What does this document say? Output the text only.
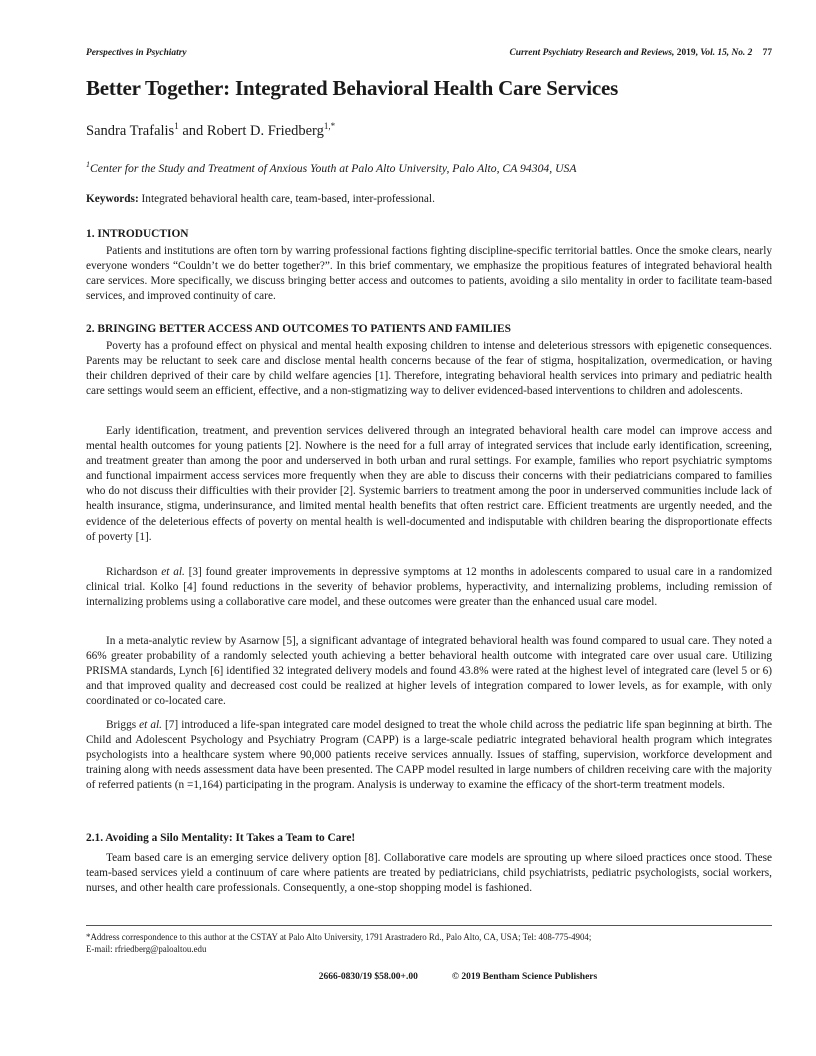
Perspectives in Psychiatry	Current Psychiatry Research and Reviews, 2019, Vol. 15, No. 2 77
Better Together: Integrated Behavioral Health Care Services
Sandra Trafalis$^1$ and Robert D. Friedberg$^{1,*}$
$^1$Center for the Study and Treatment of Anxious Youth at Palo Alto University, Palo Alto, CA 94304, USA
Keywords: Integrated behavioral health care, team-based, inter-professional.
1. INTRODUCTION
Patients and institutions are often torn by warring professional factions fighting discipline-specific territorial battles. Once the smoke clears, nearly everyone wonders “Couldn’t we do better together?”. In this brief commentary, we emphasize the propitious features of integrated behavioral health care services. More specifically, we discuss bringing better access and outcomes to patients, avoiding a silo mentality in order to facilitate team-based services, and improved continuity of care.
2. BRINGING BETTER ACCESS AND OUTCOMES TO PATIENTS AND FAMILIES
Poverty has a profound effect on physical and mental health exposing children to intense and deleterious stressors with epigenetic consequences. Parents may be reluctant to seek care and disclose mental health concerns because of the fear of stigma, hospitalization, overmedication, or having their children deprived of their care by child welfare agencies [1]. Therefore, integrating behavioral health services into primary and pediatric health care settings would seem an efficient, effective, and a non-stigmatizing way to deliver evidenced-based interventions to children and adolescents.
Early identification, treatment, and prevention services delivered through an integrated behavioral health care model can improve access and mental health outcomes for young patients [2]. Nowhere is the need for a full array of integrated services that include early identification, screening, and treatment greater than among the poor and underserved in both urban and rural settings. For example, families who report psychiatric symptoms and functional impairment access services more frequently when they are able to discuss their concerns with their pediatricians compared to families who do not discuss their difficulties with their provider [2]. Systemic barriers to treatment among the poor in underserved communities include lack of health insurance, stigma, underinsurance, and limited mental health benefits that often restrict care. Efficient treatments are urgently needed, and the evidence of the deleterious effects of poverty on mental health is well-documented and indisputable with children bearing the disproportionate effects of poverty [1].
Richardson et al. [3] found greater improvements in depressive symptoms at 12 months in adolescents compared to usual care in a randomized clinical trial. Kolko [4] found reductions in the severity of behavior problems, hyperactivity, and internalizing problems, including remission of internalizing problems using a collaborative care model, and these outcomes were greater than the enhanced usual care model.
In a meta-analytic review by Asarnow [5], a significant advantage of integrated behavioral health was found compared to usual care. They noted a 66% greater probability of a randomly selected youth achieving a better behavioral health outcome with integrated care over usual care. Utilizing PRISMA standards, Lynch [6] identified 32 integrated delivery models and found 43.8% were rated at the highest level of integrated care (level 5 or 6) and that improved quality and decreased cost could be realized at higher levels of integration compared to lower levels, as for example, with only coordinated or co-located care.
Briggs et al. [7] introduced a life-span integrated care model designed to treat the whole child across the pediatric life span beginning at birth. The Child and Adolescent Psychology and Psychiatry Program (CAPP) is a large-scale pediatric integrated behavioral health program which integrates psychologists into a healthcare system where 90,000 patients receive services annually. Issues of staffing, supervision, workforce development and training along with needs assessment data have been presented. The CAPP model resulted in large numbers of children receiving care with the majority of referred patients (n =1,164) participating in the program. Analysis is underway to examine the efficacy of the short-term treatment models.
2.1. Avoiding a Silo Mentality: It Takes a Team to Care!
Team based care is an emerging service delivery option [8]. Collaborative care models are sprouting up where siloed practices once stood. These team-based services yield a continuum of care where patients are treated by pediatricians, child psychiatrists, pediatric psychologists, social workers, nurses, and other health care professionals. Consequently, a one-stop shopping model is fashioned.
*Address correspondence to this author at the CSTAY at Palo Alto University, 1791 Arastradero Rd., Palo Alto, CA, USA; Tel: 408-775-4904;
E-mail: rfriedberg@paloaltou.edu
2666-0830/19 $58.00+.00	© 2019 Bentham Science Publishers
